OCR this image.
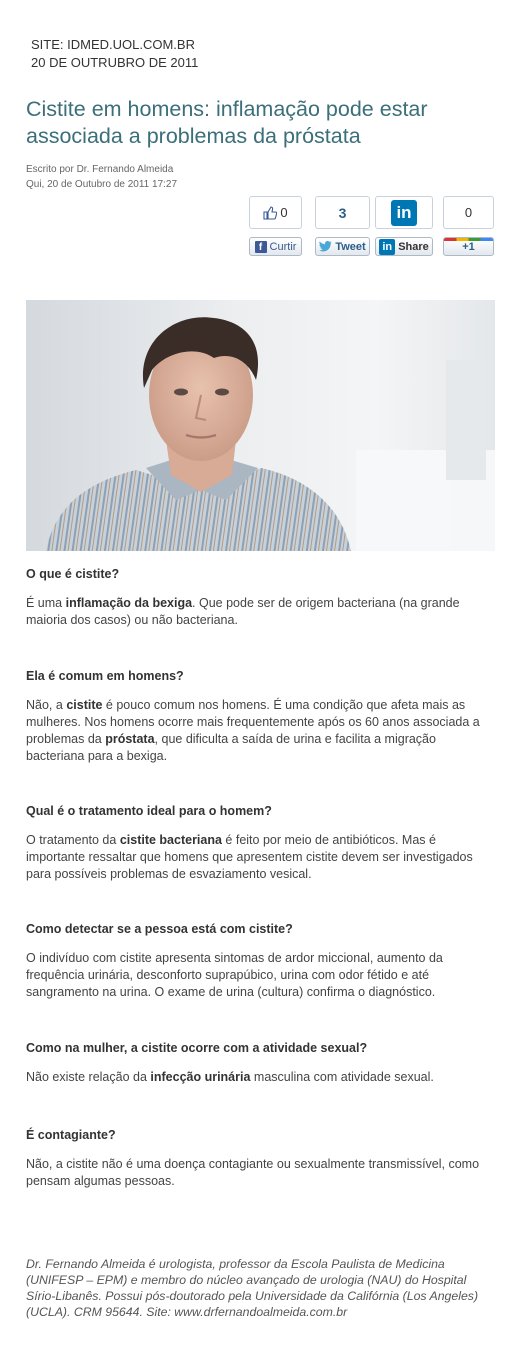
SITE: IDMED.UOL.COM.BR
20 DE OUTRUBRO DE 2011
Cistite em homens: inflamação pode estar associada a problemas da próstata
Escrito por Dr. Fernando Almeida
Qui, 20 de Outubro de 2011 17:27
0
f Curtir
3
Tweet
in
in Share
0
+1

O que é cistite?

É uma inflamação da bexiga. Que pode ser de origem bacteriana (na grande maioria dos casos) ou não bacteriana.

Ela é comum em homens?

Não, a cistite é pouco comum nos homens. É uma condição que afeta mais as mulheres. Nos homens ocorre mais frequentemente após os 60 anos associada a problemas da próstata, que dificulta a saída de urina e facilita a migração bacteriana para a bexiga.

Qual é o tratamento ideal para o homem?

O tratamento da cistite bacteriana é feito por meio de antibióticos. Mas é importante ressaltar que homens que apresentem cistite devem ser investigados para possíveis problemas de esvaziamento vesical.

Como detectar se a pessoa está com cistite?

O indivíduo com cistite apresenta sintomas de ardor miccional, aumento da frequência urinária, desconforto suprapúbico, urina com odor fétido e até sangramento na urina. O exame de urina (cultura) confirma o diagnóstico.

Como na mulher, a cistite ocorre com a atividade sexual?

Não existe relação da infecção urinária masculina com atividade sexual.

É contagiante?

Não, a cistite não é uma doença contagiante ou sexualmente transmissível, como pensam algumas pessoas.

Dr. Fernando Almeida é urologista, professor da Escola Paulista de Medicina (UNIFESP – EPM) e membro do núcleo avançado de urologia (NAU) do Hospital Sírio-Libanês. Possui pós-doutorado pela Universidade da Califórnia (Los Angeles) (UCLA). CRM 95644. Site: www.drfernandoalmeida.com.br
